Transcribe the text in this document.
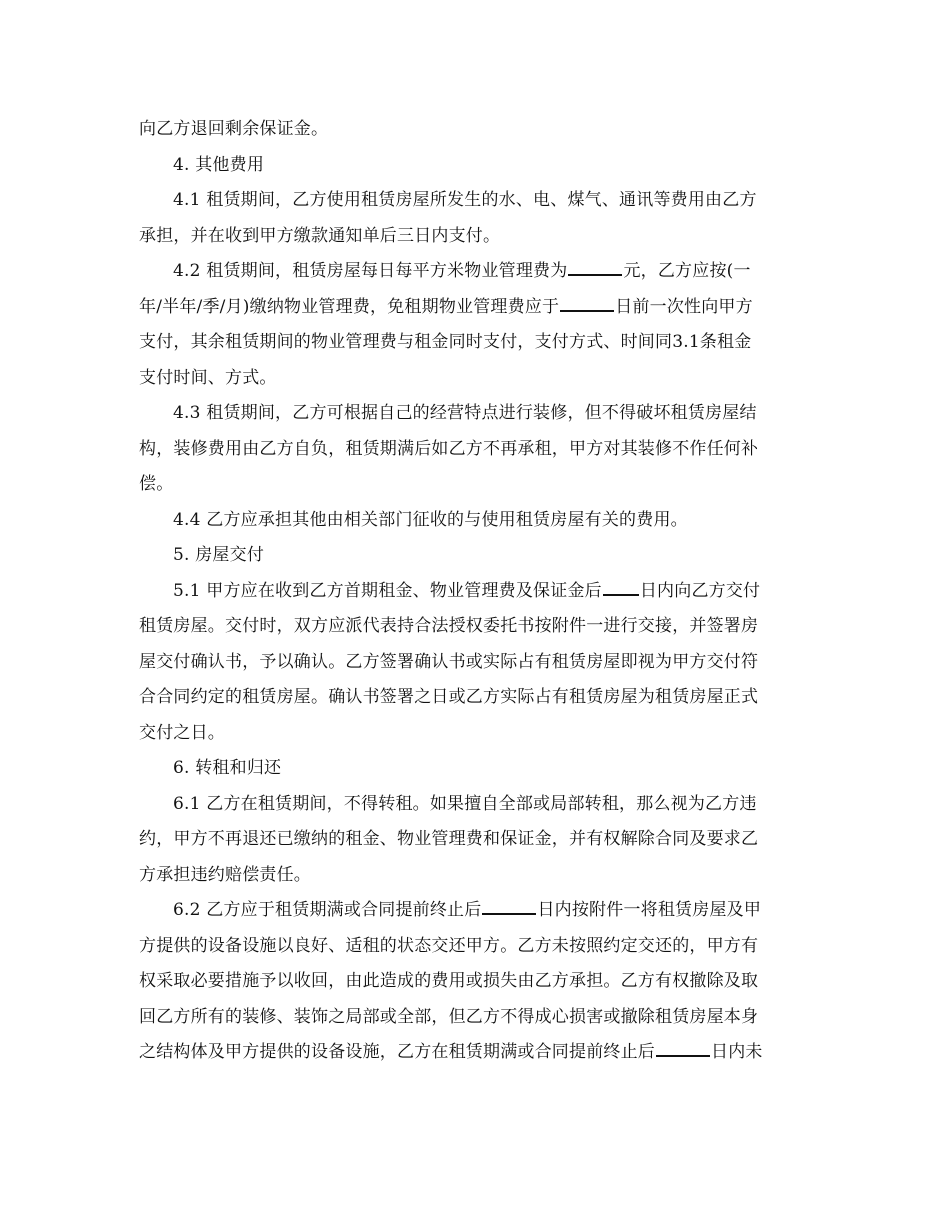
向乙方退回剩余保证金。
4. 其他费用
4.1 租赁期间，乙方使用租赁房屋所发生的水、电、煤气、通讯等费用由乙方
承担，并在收到甲方缴款通知单后三日内支付。
4.2 租赁期间，租赁房屋每日每平方米物业管理费为	元，乙方应按(一
年/半年/季/月)缴纳物业管理费，免租期物业管理费应于	日前一次性向甲方
支付，其余租赁期间的物业管理费与租金同时支付，支付方式、时间同3.1条租金
支付时间、方式。
4.3 租赁期间，乙方可根据自己的经营特点进行装修，但不得破坏租赁房屋结
构，装修费用由乙方自负，租赁期满后如乙方不再承租，甲方对其装修不作任何补
偿。
4.4 乙方应承担其他由相关部门征收的与使用租赁房屋有关的费用。
5. 房屋交付
5.1 甲方应在收到乙方首期租金、物业管理费及保证金后 日内向乙方交付
租赁房屋。交付时，双方应派代表持合法授权委托书按附件一进行交接，并签署房
屋交付确认书，予以确认。乙方签署确认书或实际占有租赁房屋即视为甲方交付符
合合同约定的租赁房屋。确认书签署之日或乙方实际占有租赁房屋为租赁房屋正式
交付之日。
6. 转租和归还
6.1 乙方在租赁期间，不得转租。如果擅自全部或局部转租，那么视为乙方违
约，甲方不再退还已缴纳的租金、物业管理费和保证金，并有权解除合同及要求乙
方承担违约赔偿责任。
6.2 乙方应于租赁期满或合同提前终止后	日内按附件一将租赁房屋及甲
方提供的设备设施以良好、适租的状态交还甲方。乙方未按照约定交还的，甲方有
权采取必要措施予以收回，由此造成的费用或损失由乙方承担。乙方有权撤除及取
回乙方所有的装修、装饰之局部或全部，但乙方不得成心损害或撤除租赁房屋本身
之结构体及甲方提供的设备设施，乙方在租赁期满或合同提前终止后	日内未
